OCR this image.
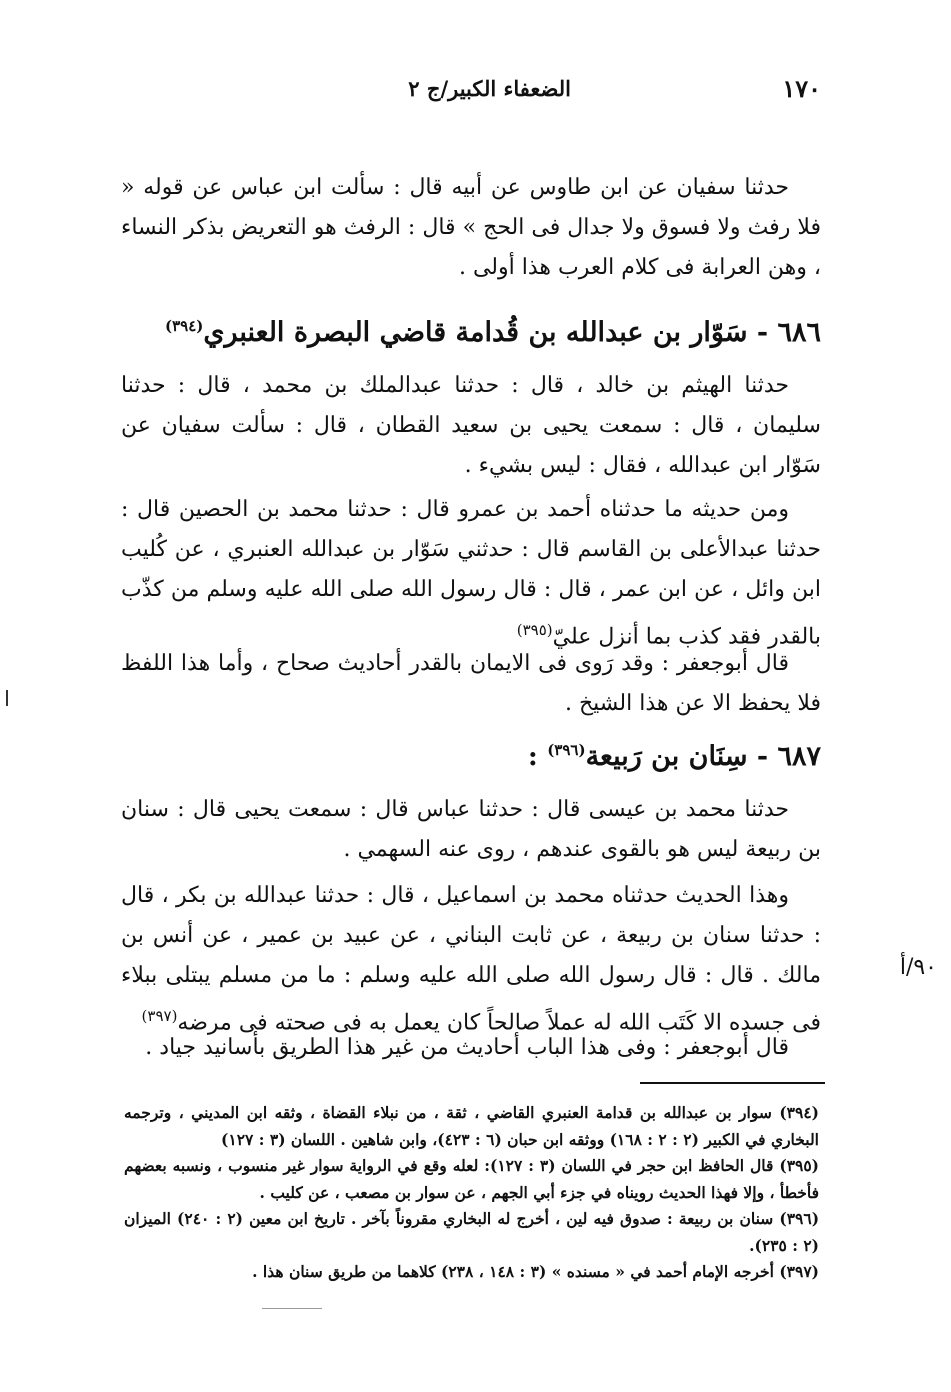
١٧٠
الضعفاء الكبير/ج ٢

حدثنا سفيان عن ابن طاوس عن أبيه قال : سألت ابن عباس عن قوله « فلا رفث ولا فسوق ولا جدال فى الحج » قال : الرفث هو التعريض بذكر النساء ، وهن العرابة فى كلام العرب هذا أولى .

٦٨٦ - سَوّار بن عبدالله بن قُدامة قاضي البصرة العنبري$^{(٣٩٤)}$

حدثنا الهيثم بن خالد ، قال : حدثنا عبدالملك بن محمد ، قال : حدثنا سليمان ، قال : سمعت يحيى بن سعيد القطان ، قال : سألت سفيان عن سَوّار ابن عبدالله ، فقال : ليس بشيء .

ومن حديثه ما حدثناه أحمد بن عمرو قال : حدثنا محمد بن الحصين قال : حدثنا عبدالأعلى بن القاسم قال : حدثني سَوّار بن عبدالله العنبري ، عن كُليب ابن وائل ، عن ابن عمر ، قال : قال رسول الله صلى الله عليه وسلم من كذّب بالقدر فقد كذب بما أنزل عليّ$^{(٣٩٥)}$

قال أبوجعفر : وقد رَوى فى الايمان بالقدر أحاديث صحاح ، وأما هذا اللفظ فلا يحفظ الا عن هذا الشيخ .

٦٨٧ - سِنَان بن رَبيعة$^{(٣٩٦)}$ :

حدثنا محمد بن عيسى قال : حدثنا عباس قال : سمعت يحيى قال : سنان بن ربيعة ليس هو بالقوى عندهم ، روى عنه السهمي .

وهذا الحديث حدثناه محمد بن اسماعيل ، قال : حدثنا عبدالله بن بكر ، قال : حدثنا سنان بن ربيعة ، عن ثابت البناني ، عن عبيد بن عمير ، عن أنس بن مالك . قال : قال رسول الله صلى الله عليه وسلم : ما من مسلم يبتلى ببلاء فى جسده الا كَتَب الله له عملاً صالحاً كان يعمل به فى صحته فى مرضه$^{(٣٩٧)}$

قال أبوجعفر : وفى هذا الباب أحاديث من غير هذا الطريق بأسانيد جياد .

٩٠/أ

(٣٩٤) سوار بن عبدالله بن قدامة العنبري القاضي ، ثقة ، من نبلاء القضاة ، وثقه ابن المديني ، وترجمه البخاري في الكبير (٢ : ٢ : ١٦٨) ووثقه ابن حبان (٦ : ٤٢٣)، وابن شاهين . اللسان (٣ : ١٢٧)

(٣٩٥) قال الحافظ ابن حجر في اللسان (٣ : ١٢٧): لعله وقع في الرواية سوار غير منسوب ، ونسبه بعضهم فأخطأ ، وإلا فهذا الحديث رويناه في جزء أبي الجهم ، عن سوار بن مصعب ، عن كليب .

(٣٩٦) سنان بن ربيعة : صدوق فيه لين ، أخرج له البخاري مقروناً بآخر . تاريخ ابن معين (٢ : ٢٤٠) الميزان (٢ : ٢٣٥).

(٣٩٧) أخرجه الإمام أحمد في « مسنده » (٣ : ١٤٨ ، ٢٣٨) كلاهما من طريق سنان هذا .
